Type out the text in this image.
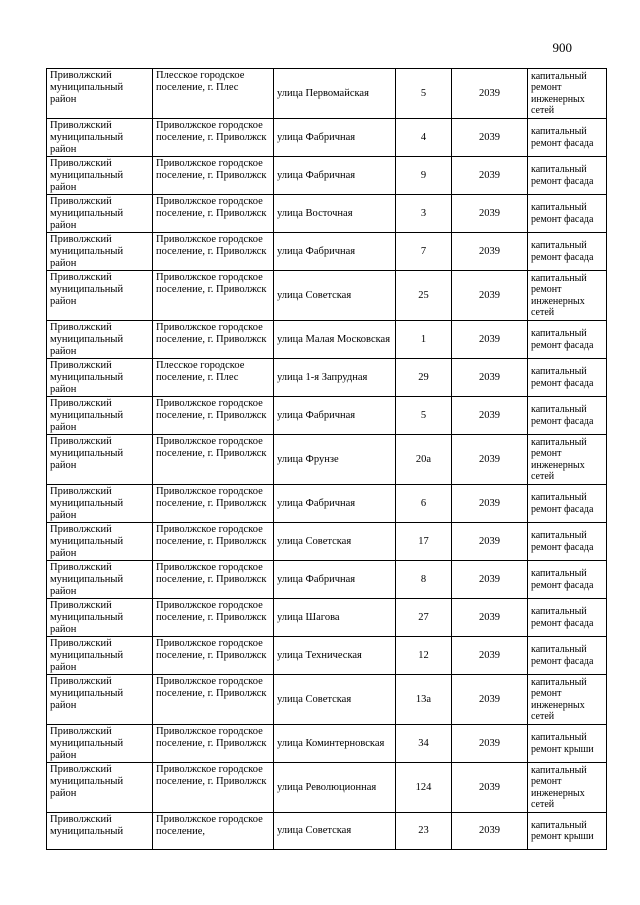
900
Приволжский муниципальный район	Плесское городское поселение, г. Плес	улица Первомайская	5	2039	капитальный ремонт инженерных сетей
Приволжский муниципальный район	Приволжское городское поселение, г. Приволжск	улица Фабричная	4	2039	капитальный ремонт фасада
Приволжский муниципальный район	Приволжское городское поселение, г. Приволжск	улица Фабричная	9	2039	капитальный ремонт фасада
Приволжский муниципальный район	Приволжское городское поселение, г. Приволжск	улица Восточная	3	2039	капитальный ремонт фасада
Приволжский муниципальный район	Приволжское городское поселение, г. Приволжск	улица Фабричная	7	2039	капитальный ремонт фасада
Приволжский муниципальный район	Приволжское городское поселение, г. Приволжск	улица Советская	25	2039	капитальный ремонт инженерных сетей
Приволжский муниципальный район	Приволжское городское поселение, г. Приволжск	улица Малая Московская	1	2039	капитальный ремонт фасада
Приволжский муниципальный район	Плесское городское поселение, г. Плес	улица 1-я Запрудная	29	2039	капитальный ремонт фасада
Приволжский муниципальный район	Приволжское городское поселение, г. Приволжск	улица Фабричная	5	2039	капитальный ремонт фасада
Приволжский муниципальный район	Приволжское городское поселение, г. Приволжск	улица Фрунзе	20а	2039	капитальный ремонт инженерных сетей
Приволжский муниципальный район	Приволжское городское поселение, г. Приволжск	улица Фабричная	6	2039	капитальный ремонт фасада
Приволжский муниципальный район	Приволжское городское поселение, г. Приволжск	улица Советская	17	2039	капитальный ремонт фасада
Приволжский муниципальный район	Приволжское городское поселение, г. Приволжск	улица Фабричная	8	2039	капитальный ремонт фасада
Приволжский муниципальный район	Приволжское городское поселение, г. Приволжск	улица Шагова	27	2039	капитальный ремонт фасада
Приволжский муниципальный район	Приволжское городское поселение, г. Приволжск	улица Техническая	12	2039	капитальный ремонт фасада
Приволжский муниципальный район	Приволжское городское поселение, г. Приволжск	улица Советская	13а	2039	капитальный ремонт инженерных сетей
Приволжский муниципальный район	Приволжское городское поселение, г. Приволжск	улица Коминтерновская	34	2039	капитальный ремонт крыши
Приволжский муниципальный район	Приволжское городское поселение, г. Приволжск	улица Революционная	124	2039	капитальный ремонт инженерных сетей
Приволжский муниципальный	Приволжское городское поселение,	улица Советская	23	2039	капитальный ремонт крыши
